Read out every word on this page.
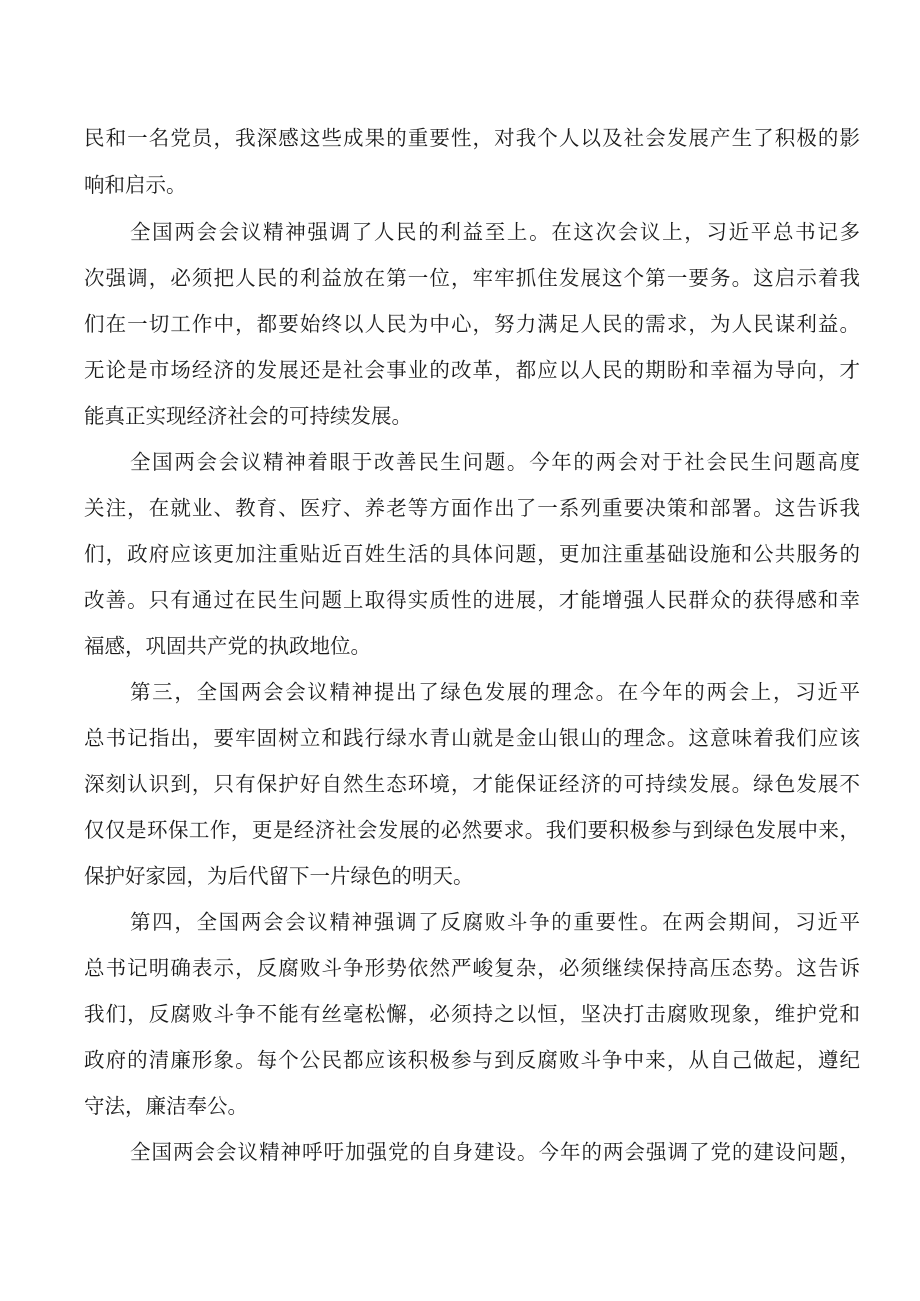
民和一名党员，我深感这些成果的重要性，对我个人以及社会发展产生了积极的影
响和启示。
全国两会会议精神强调了人民的利益至上。在这次会议上，习近平总书记多
次强调，必须把人民的利益放在第一位，牢牢抓住发展这个第一要务。这启示着我
们在一切工作中，都要始终以人民为中心，努力满足人民的需求，为人民谋利益。
无论是市场经济的发展还是社会事业的改革，都应以人民的期盼和幸福为导向，才
能真正实现经济社会的可持续发展。
全国两会会议精神着眼于改善民生问题。今年的两会对于社会民生问题高度
关注，在就业、教育、医疗、养老等方面作出了一系列重要决策和部署。这告诉我
们，政府应该更加注重贴近百姓生活的具体问题，更加注重基础设施和公共服务的
改善。只有通过在民生问题上取得实质性的进展，才能增强人民群众的获得感和幸
福感，巩固共产党的执政地位。
第三，全国两会会议精神提出了绿色发展的理念。在今年的两会上，习近平
总书记指出，要牢固树立和践行绿水青山就是金山银山的理念。这意味着我们应该
深刻认识到，只有保护好自然生态环境，才能保证经济的可持续发展。绿色发展不
仅仅是环保工作，更是经济社会发展的必然要求。我们要积极参与到绿色发展中来，
保护好家园，为后代留下一片绿色的明天。
第四，全国两会会议精神强调了反腐败斗争的重要性。在两会期间，习近平
总书记明确表示，反腐败斗争形势依然严峻复杂，必须继续保持高压态势。这告诉
我们，反腐败斗争不能有丝毫松懈，必须持之以恒，坚决打击腐败现象，维护党和
政府的清廉形象。每个公民都应该积极参与到反腐败斗争中来，从自己做起，遵纪
守法，廉洁奉公。
全国两会会议精神呼吁加强党的自身建设。今年的两会强调了党的建设问题，
